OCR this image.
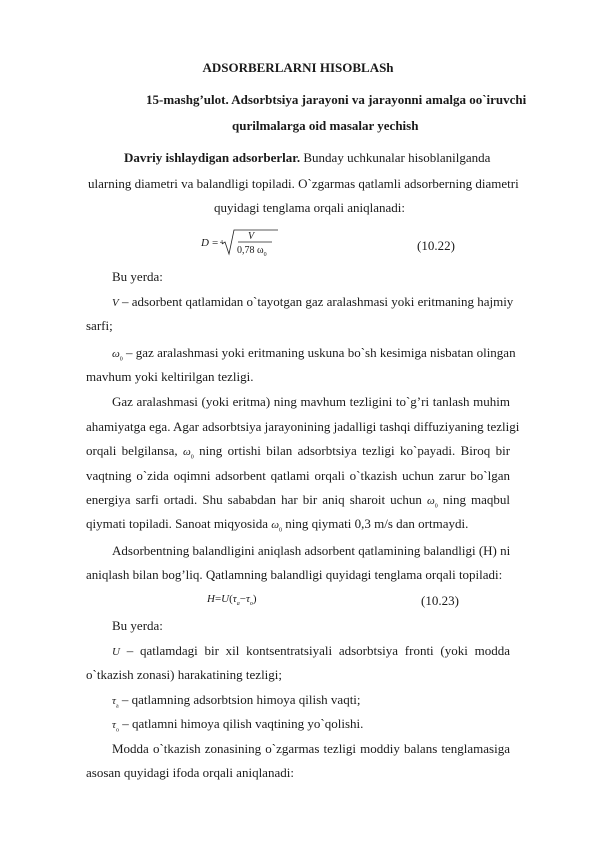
ADSORBERLARNI HISOBLASh
15-mashg’ulot. Adsorbtsiya jarayoni va jarayonni amalga oo`iruvchi
qurilmalarga oid masalar yechish
Davriy ishlaydigan adsorberlar. Bunday uchkunalar hisoblanilganda
ularning diametri va balandligi topiladi. O`zgarmas qatlamli adsorberning diametri
quyidagi tenglama orqali aniqlanadi:
D = 4
V
0,78 $\omega_0$
(10.22)
Bu yerda:
V – adsorbent qatlamidan o`tayotgan gaz aralashmasi yoki eritmaning hajmiy
sarfi;
$\omega_0$ – gaz aralashmasi yoki eritmaning uskuna bo`sh kesimiga nisbatan olingan
mavhum yoki keltirilgan tezligi.
Gaz aralashmasi (yoki eritma) ning mavhum tezligini to`g’ri tanlash muhim
ahamiyatga ega. Agar adsorbtsiya jarayonining jadalligi tashqi diffuziyaning tezligi
orqali belgilansa, $\omega_0$ ning ortishi bilan adsorbtsiya tezligi ko`payadi. Biroq bir
vaqtning o`zida oqimni adsorbent qatlami orqali o`tkazish uchun zarur bo`lgan
energiya sarfi ortadi. Shu sababdan har bir aniq sharoit uchun $\omega_0$ ning maqbul
qiymati topiladi. Sanoat miqyosida $\omega_0$ ning qiymati 0,3 m/s dan ortmaydi.
Adsorbentning balandligini aniqlash adsorbent qatlamining balandligi (H) ni
aniqlash bilan bog’liq. Qatlamning balandligi quyidagi tenglama orqali topiladi:
$H=U(\tau_a-\tau_o)$	(10.23)
Bu yerda:
U – qatlamdagi bir xil kontsentratsiyali adsorbtsiya fronti (yoki modda
o`tkazish zonasi) harakatining tezligi;
$\tau_a$ – qatlamning adsorbtsion himoya qilish vaqti;
$\tau_o$ – qatlamni himoya qilish vaqtining yo`qolishi.
Modda o`tkazish zonasining o`zgarmas tezligi moddiy balans tenglamasiga
asosan quyidagi ifoda orqali aniqlanadi:
